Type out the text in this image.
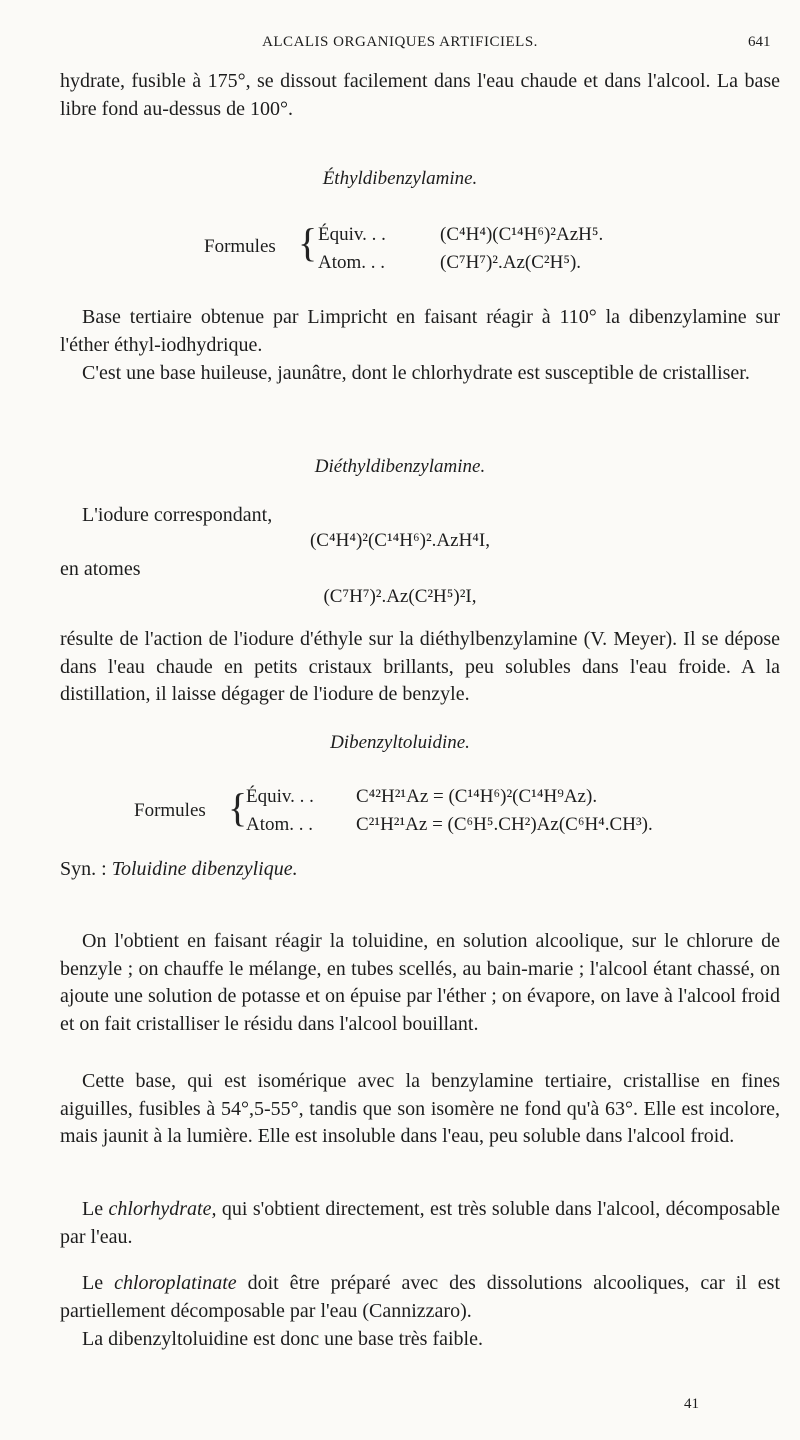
ALCALIS ORGANIQUES ARTIFICIELS.	641

hydrate, fusible à 175°, se dissout facilement dans l'eau chaude et dans l'alcool. La base libre fond au-dessus de 100°.

Éthyldibenzylamine.

Formules { Équiv. . .	(C⁴H⁴)(C¹⁴H⁶)²AzH⁵.
Atom. . .	(C⁷H⁷)².Az(C²H⁵).

Base tertiaire obtenue par Limpricht en faisant réagir à 110° la dibenzylamine sur l'éther éthyl-iodhydrique.

C'est une base huileuse, jaunâtre, dont le chlorhydrate est susceptible de cristalliser.

Diéthyldibenzylamine.

L'iodure correspondant,

(C⁴H⁴)²(C¹⁴H⁶)².AzH⁴I,

en atomes

(C⁷H⁷)².Az(C²H⁵)²I,

résulte de l'action de l'iodure d'éthyle sur la diéthylbenzylamine (V. Meyer). Il se dépose dans l'eau chaude en petits cristaux brillants, peu solubles dans l'eau froide. A la distillation, il laisse dégager de l'iodure de benzyle.

Dibenzyltoluidine.

Formules {
Équiv. . . C⁴²H²¹Az = (C¹⁴H⁶)²(C¹⁴H⁹Az).
Atom. . . C²¹H²¹Az = (C⁶H⁵.CH²)Az(C⁶H⁴.CH³).

Syn. : Toluidine dibenzylique.

On l'obtient en faisant réagir la toluidine, en solution alcoolique, sur le chlorure de benzyle ; on chauffe le mélange, en tubes scellés, au bain-marie ; l'alcool étant chassé, on ajoute une solution de potasse et on épuise par l'éther ; on évapore, on lave à l'alcool froid et on fait cristalliser le résidu dans l'alcool bouillant.

Cette base, qui est isomérique avec la benzylamine tertiaire, cristallise en fines aiguilles, fusibles à 54°,5-55°, tandis que son isomère ne fond qu'à 63°. Elle est incolore, mais jaunit à la lumière. Elle est insoluble dans l'eau, peu soluble dans l'alcool froid.

Le chlorhydrate, qui s'obtient directement, est très soluble dans l'alcool, décomposable par l'eau.

Le chloroplatinate doit être préparé avec des dissolutions alcooliques, car il est partiellement décomposable par l'eau (Cannizzaro).

La dibenzyltoluidine est donc une base très faible.

41
